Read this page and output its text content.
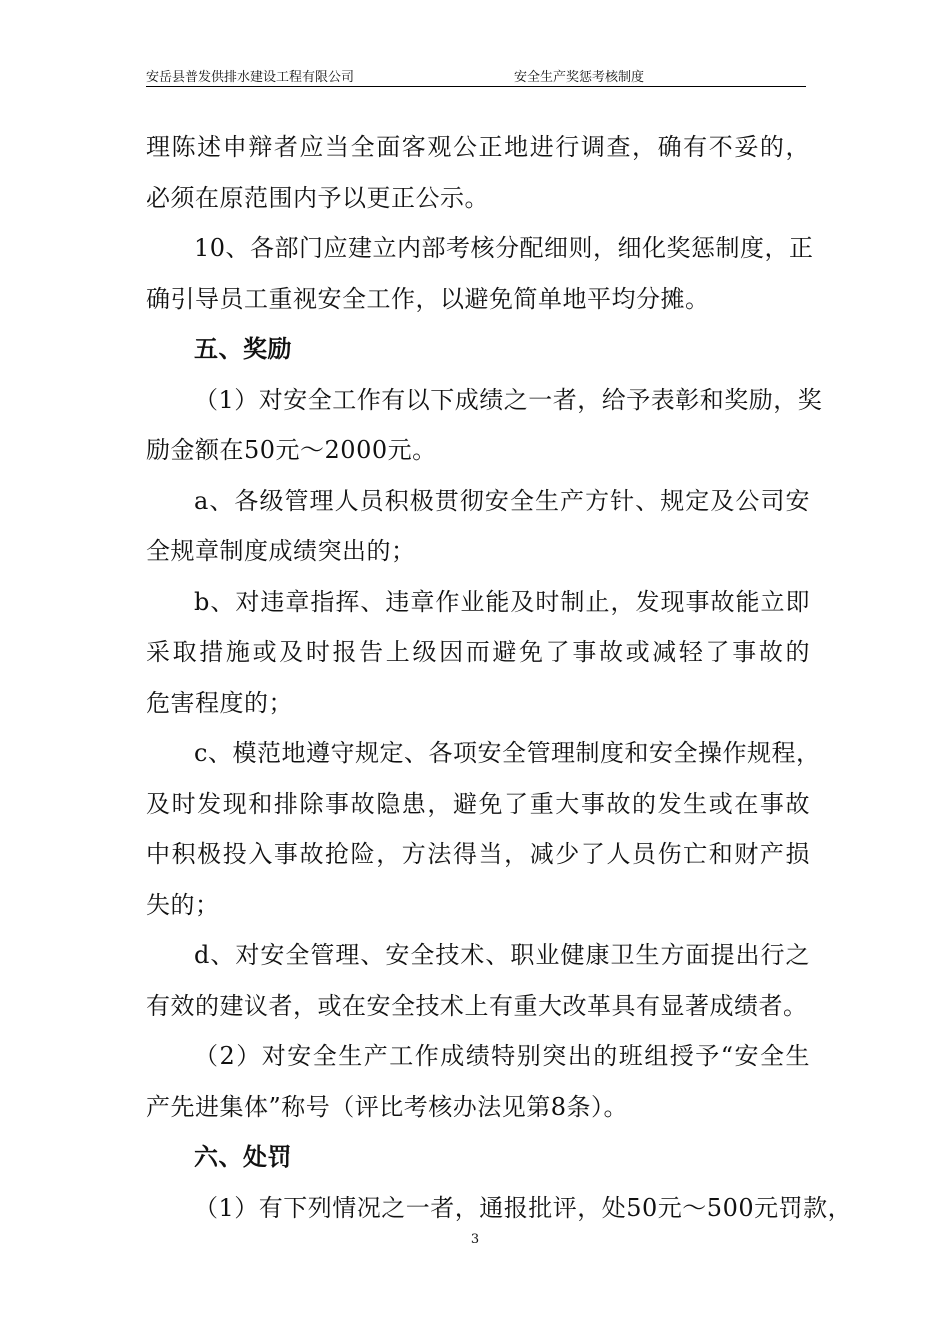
安岳县普发供排水建设工程有限公司	安全生产奖惩考核制度
理陈述申辩者应当全面客观公正地进行调查，确有不妥的，
必须在原范围内予以更正公示。
10、各部门应建立内部考核分配细则，细化奖惩制度，正
确引导员工重视安全工作，以避免简单地平均分摊。
五、奖励
（1）对安全工作有以下成绩之一者，给予表彰和奖励，奖
励金额在50元～2000元。
a、各级管理人员积极贯彻安全生产方针、规定及公司安
全规章制度成绩突出的；
b、对违章指挥、违章作业能及时制止，发现事故能立即
采取措施或及时报告上级因而避免了事故或减轻了事故的
危害程度的；
c、模范地遵守规定、各项安全管理制度和安全操作规程，
及时发现和排除事故隐患，避免了重大事故的发生或在事故
中积极投入事故抢险，方法得当，减少了人员伤亡和财产损
失的；
d、对安全管理、安全技术、职业健康卫生方面提出行之
有效的建议者，或在安全技术上有重大改革具有显著成绩者。
（2）对安全生产工作成绩特别突出的班组授予“安全生
产先进集体”称号（评比考核办法见第8条）。
六、处罚
（1）有下列情况之一者，通报批评，处50元～500元罚款，
3
